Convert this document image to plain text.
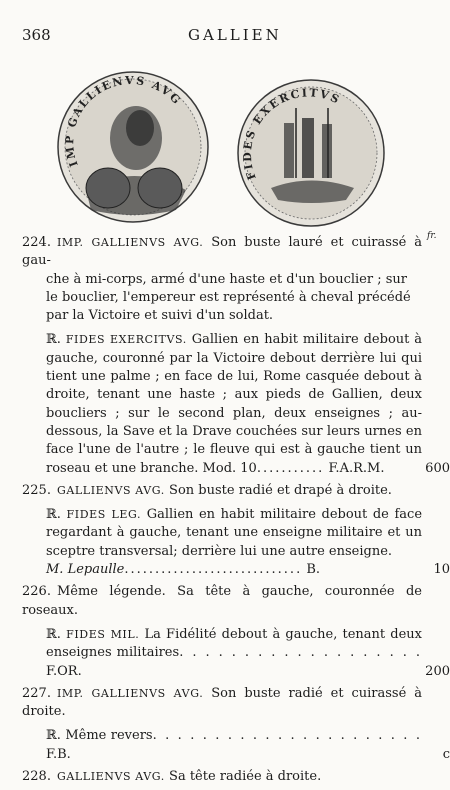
368	GALLIEN
IMP GALLIENVS AVG
FIDES EXERCITVS
fr.
224. IMP. GALLIENVS AVG. Son buste lauré et cuirassé à gau-
che à mi-corps, armé d'une haste et d'un bouclier ; sur
le bouclier, l'empereur est représenté à cheval précédé
par la Victoire et suivi d'un soldat.
ℝ. FIDES EXERCITVS. Gallien en habit militaire debout à gauche, couronné par la Victoire debout derrière lui qui tient une palme ; en face de lui, Rome casquée debout à droite, tenant une haste ; aux pieds de Gallien, deux boucliers ; sur le second plan, deux enseignes ; au-dessous, la Save et la Drave couchées sur leurs urnes en face l'une de l'autre ; le fleuve qui est à gauche tient un roseau et une branche. Mod. 10........... F.A.R.M.	600
225. GALLIENVS AVG. Son buste radié et drapé à droite.
ℝ. FIDES LEG. Gallien en habit militaire debout de face regardant à gauche, tenant une enseigne militaire et un sceptre transversal; derrière lui une autre enseigne.
M. Lepaulle............................. B.	10
226. Même légende. Sa tête à gauche, couronnée de roseaux.
ℝ. FIDES MIL. La Fidélité debout à gauche, tenant deux enseignes militaires. . . . . . . . . . . . . . . . . . . F.OR.	200
227. IMP. GALLIENVS AVG. Son buste radié et cuirassé à droite.
ℝ. Même revers. . . . . . . . . . . . . . . . . . . . . . F.B.	c
228. GALLIENVS AVG. Sa tête radiée à droite.
